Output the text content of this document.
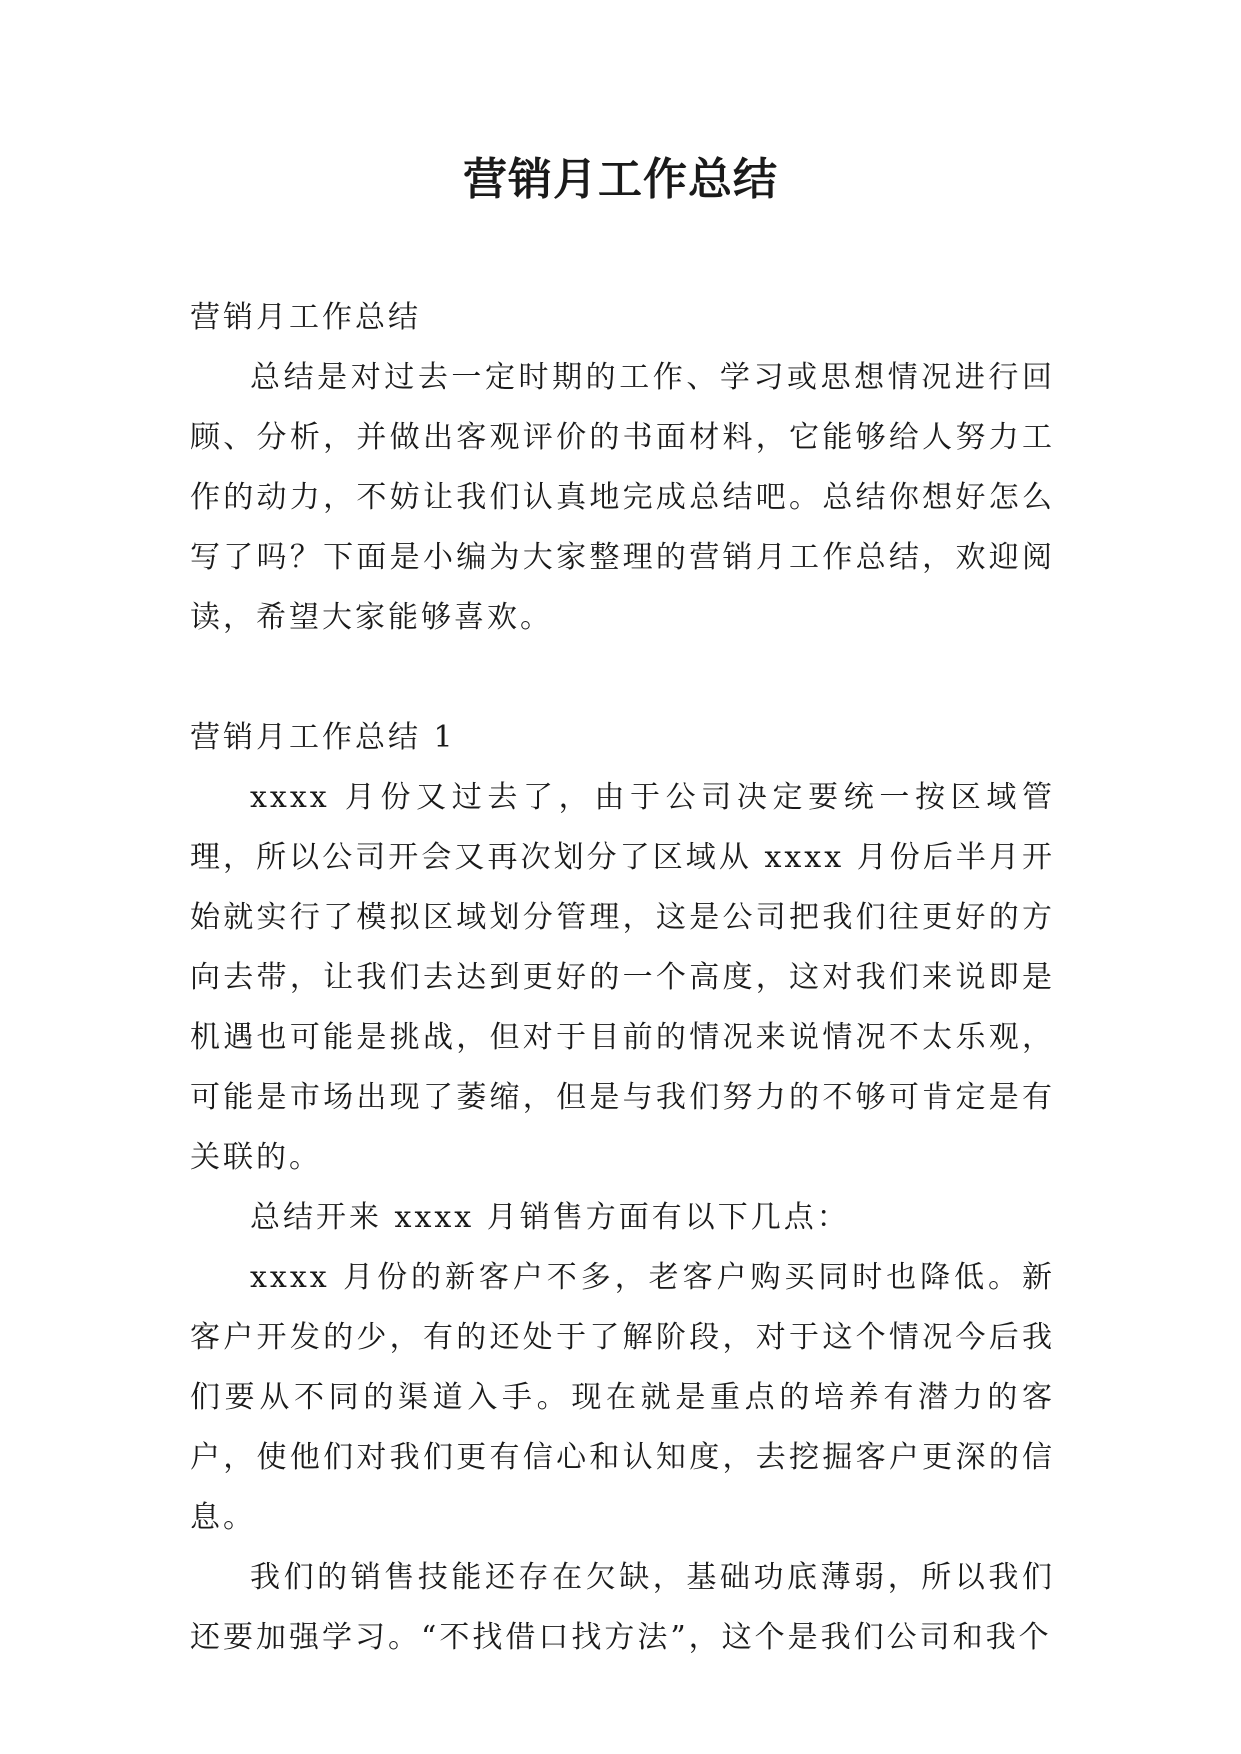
营销月工作总结

营销月工作总结

总结是对过去一定时期的工作、学习或思想情况进行回顾、分析，并做出客观评价的书面材料，它能够给人努力工作的动力，不妨让我们认真地完成总结吧。总结你想好怎么写了吗？下面是小编为大家整理的营销月工作总结，欢迎阅读，希望大家能够喜欢。

营销月工作总结 1

xxxx 月份又过去了，由于公司决定要统一按区域管理，所以公司开会又再次划分了区域从 xxxx 月份后半月开始就实行了模拟区域划分管理，这是公司把我们往更好的方向去带，让我们去达到更好的一个高度，这对我们来说即是机遇也可能是挑战，但对于目前的情况来说情况不太乐观，可能是市场出现了萎缩，但是与我们努力的不够可肯定是有关联的。

总结开来 xxxx 月销售方面有以下几点：

xxxx 月份的新客户不多，老客户购买同时也降低。新客户开发的少，有的还处于了解阶段，对于这个情况今后我们要从不同的渠道入手。现在就是重点的培养有潜力的客户，使他们对我们更有信心和认知度，去挖掘客户更深的信息。

我们的销售技能还存在欠缺，基础功底薄弱，所以我们还要加强学习。“不找借口找方法”，这个是我们公司和我个
